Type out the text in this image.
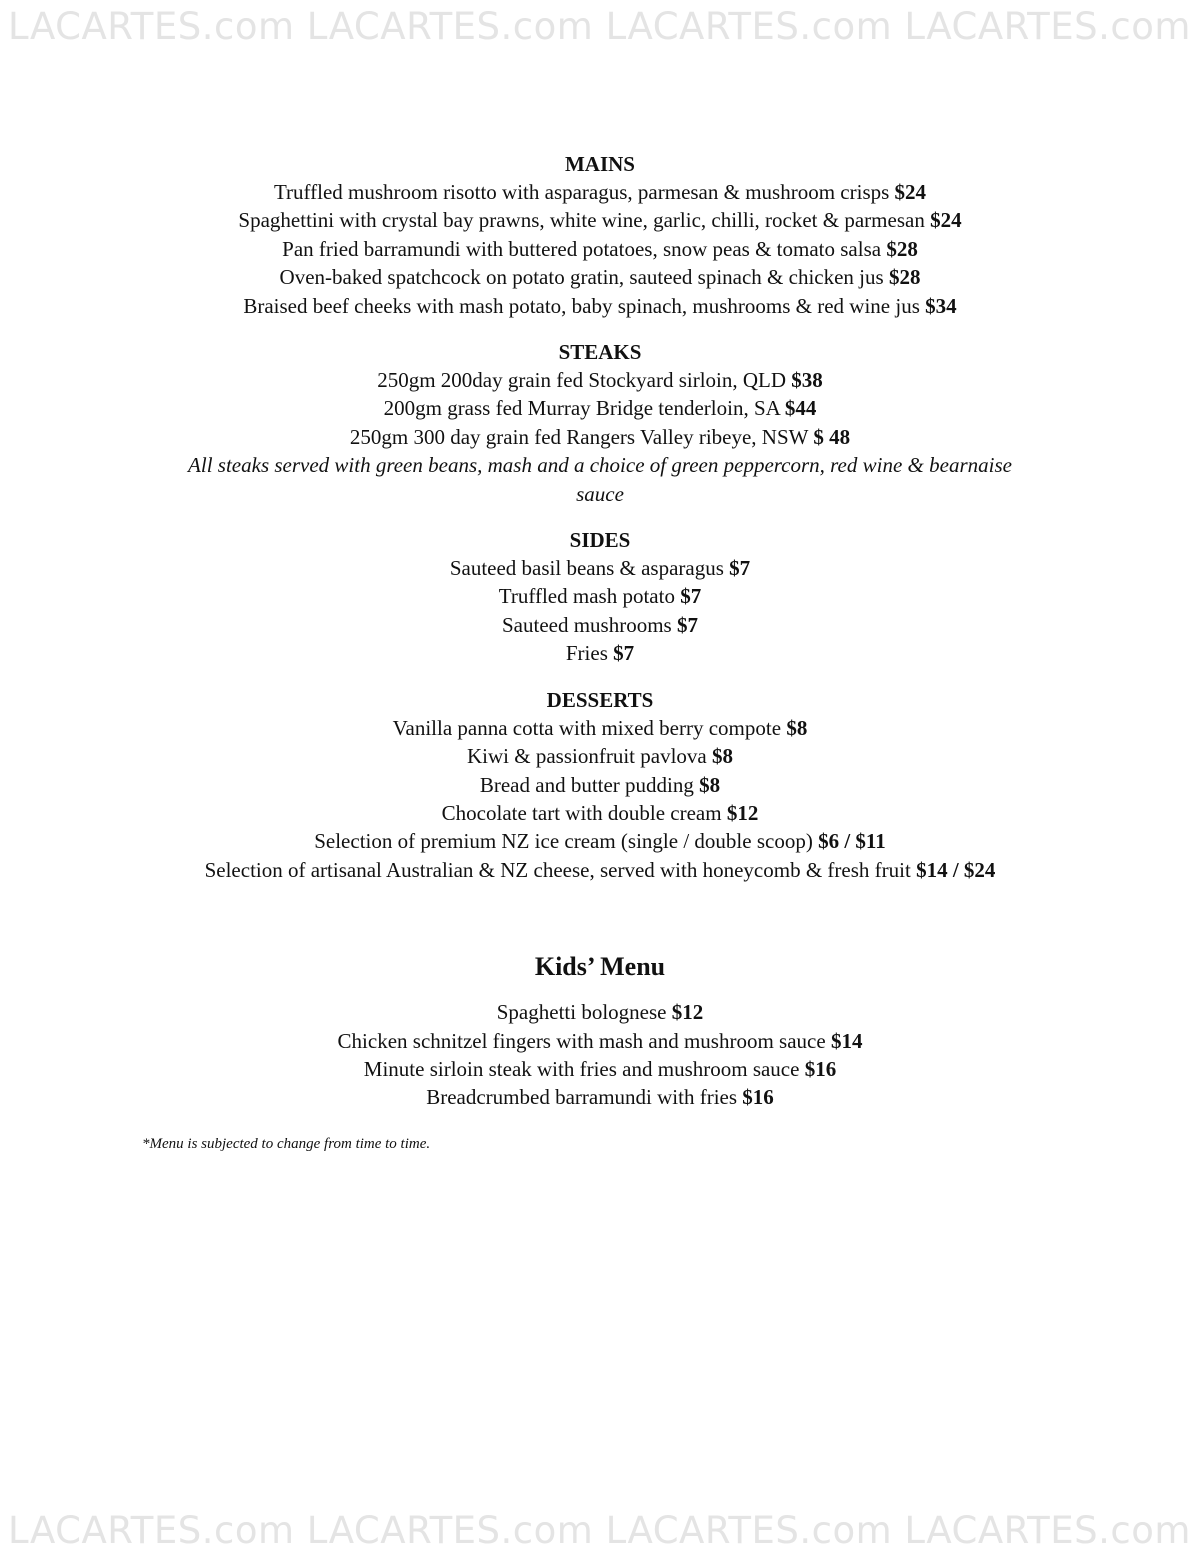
LACARTES.com LACARTES.com LACARTES.com LACARTES.com

MAINS

Truffled mushroom risotto with asparagus, parmesan & mushroom crisps $24

Spaghettini with crystal bay prawns, white wine, garlic, chilli, rocket & parmesan $24

Pan fried barramundi with buttered potatoes, snow peas & tomato salsa $28

Oven-baked spatchcock on potato gratin, sauteed spinach & chicken jus $28

Braised beef cheeks with mash potato, baby spinach, mushrooms & red wine jus $34

STEAKS

250gm 200day grain fed Stockyard sirloin, QLD $38

200gm grass fed Murray Bridge tenderloin, SA $44

250gm 300 day grain fed Rangers Valley ribeye, NSW $ 48

All steaks served with green beans, mash and a choice of green peppercorn, red wine & bearnaise sauce

SIDES

Sauteed basil beans & asparagus $7

Truffled mash potato $7

Sauteed mushrooms $7

Fries $7

DESSERTS

Vanilla panna cotta with mixed berry compote $8

Kiwi & passionfruit pavlova $8

Bread and butter pudding $8

Chocolate tart with double cream $12

Selection of premium NZ ice cream (single / double scoop) $6 / $11

Selection of artisanal Australian & NZ cheese, served with honeycomb & fresh fruit $14 / $24

Kids’ Menu

Spaghetti bolognese $12

Chicken schnitzel fingers with mash and mushroom sauce $14

Minute sirloin steak with fries and mushroom sauce $16

Breadcrumbed barramundi with fries $16

*Menu is subjected to change from time to time.
LACARTES.com LACARTES.com LACARTES.com LACARTES.com
